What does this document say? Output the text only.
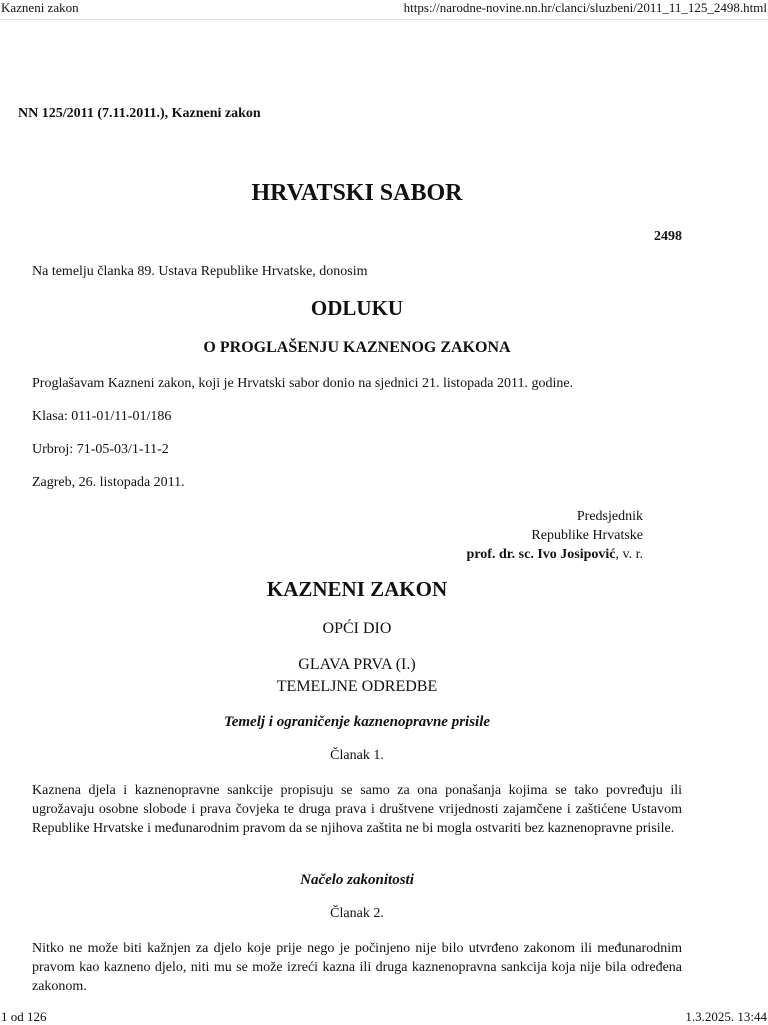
Kazneni zakon	https://narodne-novine.nn.hr/clanci/sluzbeni/2011_11_125_2498.html
NN 125/2011 (7.11.2011.), Kazneni zakon
HRVATSKI SABOR
2498
Na temelju članka 89. Ustava Republike Hrvatske, donosim
ODLUKU
O PROGLAŠENJU KAZNENOG ZAKONA
Proglašavam Kazneni zakon, koji je Hrvatski sabor donio na sjednici 21. listopada 2011. godine.
Klasa: 011-01/11-01/186
Urbroj: 71-05-03/1-11-2
Zagreb, 26. listopada 2011.
Predsjednik
Republike Hrvatske
prof. dr. sc. Ivo Josipović, v. r.
KAZNENI ZAKON
OPĆI DIO
GLAVA PRVA (I.)
TEMELJNE ODREDBE
Temelj i ograničenje kaznenopravne prisile
Članak 1.
Kaznena djela i kaznenopravne sankcije propisuju se samo za ona ponašanja kojima se tako povređuju ili ugrožavaju osobne slobode i prava čovjeka te druga prava i društvene vrijednosti zajamčene i zaštićene Ustavom Republike Hrvatske i međunarodnim pravom da se njihova zaštita ne bi mogla ostvariti bez kaznenopravne prisile.
Načelo zakonitosti
Članak 2.
Nitko ne može biti kažnjen za djelo koje prije nego je počinjeno nije bilo utvrđeno zakonom ili međunarodnim pravom kao kazneno djelo, niti mu se može izreći kazna ili druga kaznenopravna sankcija koja nije bila određena zakonom.
1 od 126	1.3.2025. 13:44
